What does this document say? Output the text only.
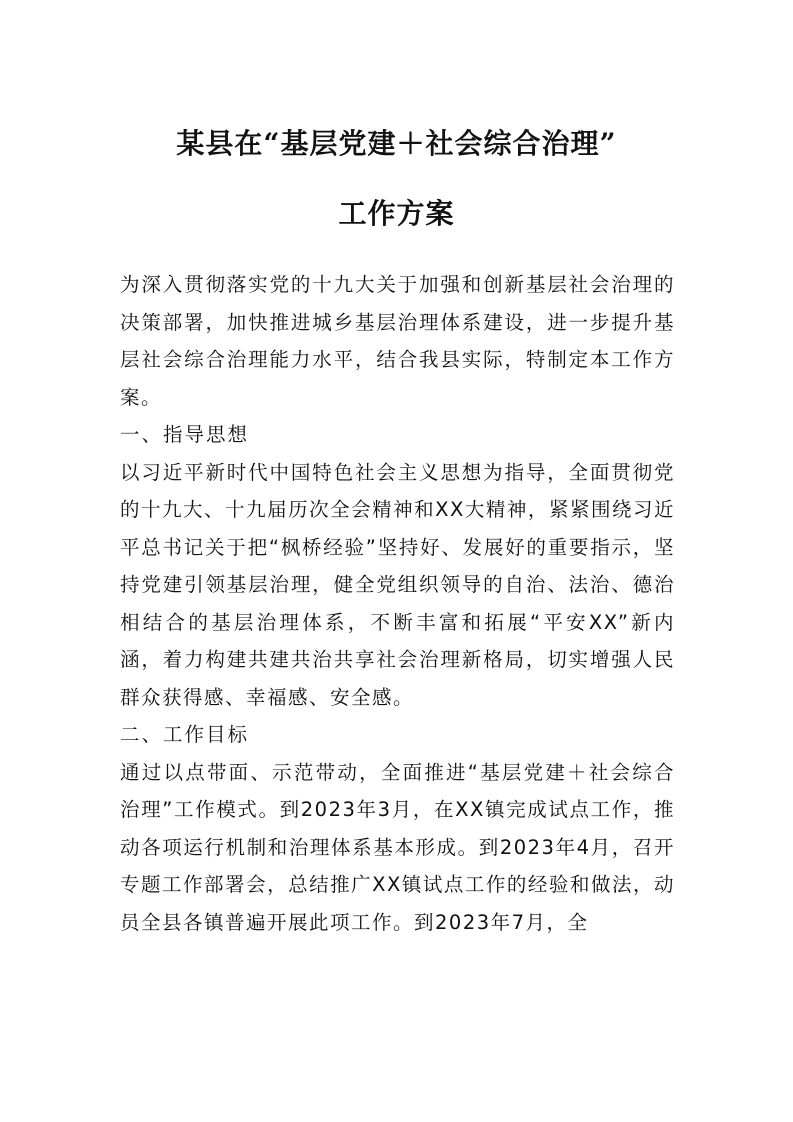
某县在“基层党建＋社会综合治理”
工作方案

为深入贯彻落实党的十九大关于加强和创新基层社会治理的决策部署，加快推进城乡基层治理体系建设，进一步提升基层社会综合治理能力水平，结合我县实际，特制定本工作方案。

一、指导思想

以习近平新时代中国特色社会主义思想为指导，全面贯彻党的十九大、十九届历次全会精神和XX大精神，紧紧围绕习近平总书记关于把“枫桥经验”坚持好、发展好的重要指示，坚持党建引领基层治理，健全党组织领导的自治、法治、德治相结合的基层治理体系，不断丰富和拓展“平安XX”新内涵，着力构建共建共治共享社会治理新格局，切实增强人民群众获得感、幸福感、安全感。

二、工作目标

通过以点带面、示范带动，全面推进“基层党建＋社会综合治理”工作模式。到2023年3月，在XX镇完成试点工作，推动各项运行机制和治理体系基本形成。到2023年4月，召开专题工作部署会，总结推广XX镇试点工作的经验和做法，动员全县各镇普遍开展此项工作。到2023年7月，全
